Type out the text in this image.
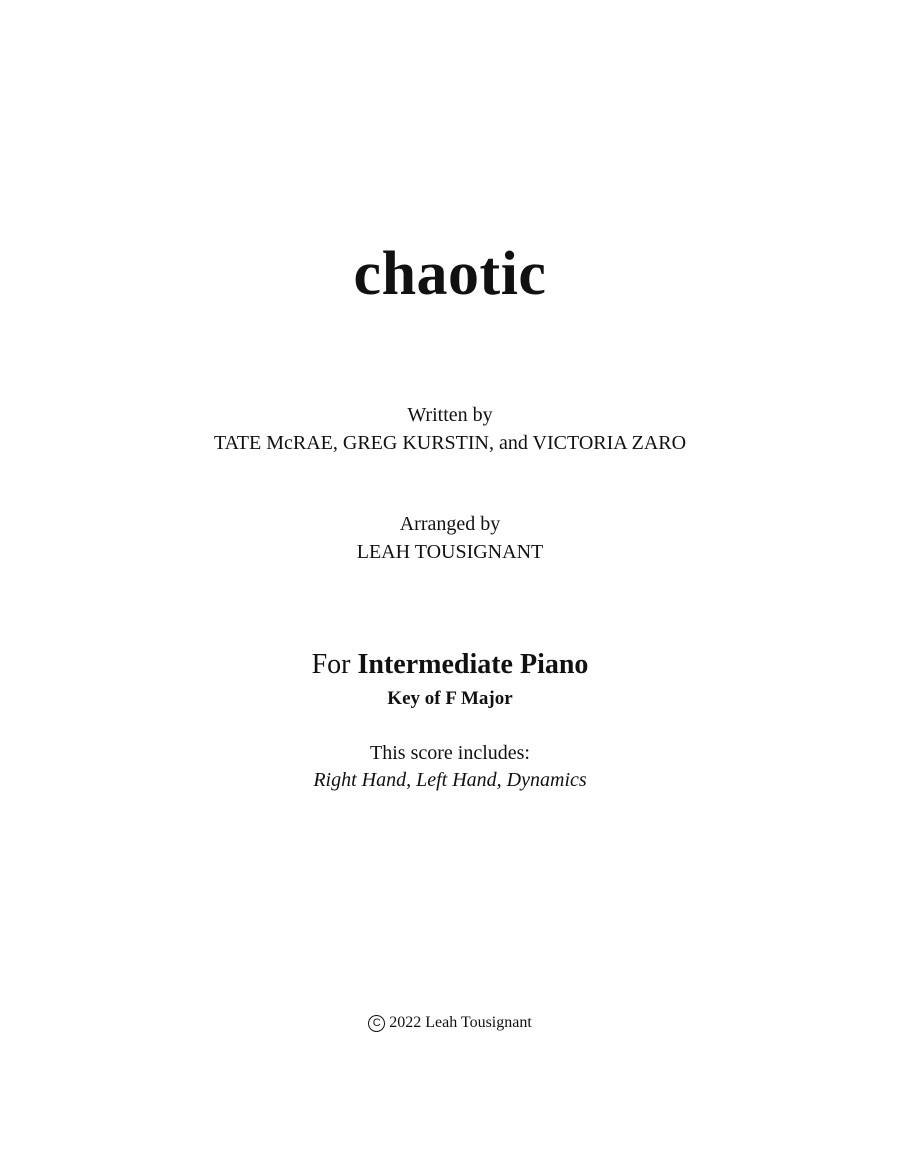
chaotic
Written by
TATE McRAE, GREG KURSTIN, and VICTORIA ZARO
Arranged by
LEAH TOUSIGNANT
For Intermediate Piano
Key of F Major
This score includes:
Right Hand, Left Hand, Dynamics
C 2022 Leah Tousignant
